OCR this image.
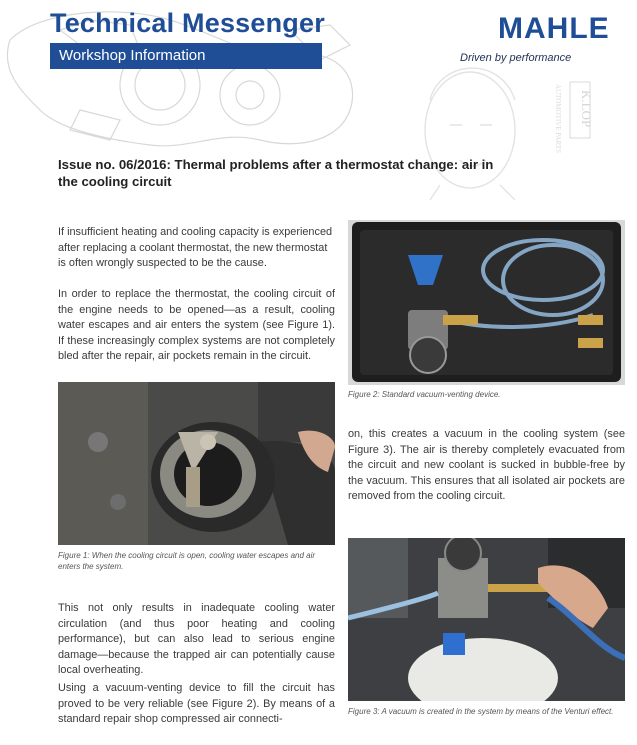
Technical Messenger
Workshop Information
MAHLE
Driven by performance
K.LOP
AUTOMOTIVE PARTS
Issue no. 06/2016: Thermal problems after a thermostat change: air in the cooling circuit
If insufficient heating and cooling capacity is experienced after replacing a coolant thermostat, the new thermostat is often wrongly suspected to be the cause.
In order to replace the thermostat, the cooling circuit of the engine needs to be opened—as a result, cooling water escapes and air enters the system (see Figure 1). If these increasingly complex systems are not completely bled after the repair, air pockets remain in the circuit.
Figure 1: When the cooling circuit is open, cooling water escapes and air enters the system.
Figure 2: Standard vacuum-venting device.
on, this creates a vacuum in the cooling system (see Figure 3). The air is thereby completely evacuated from the circuit and new coolant is sucked in bubble-free by the vacuum. This ensures that all isolated air pockets are removed from the cooling circuit.
Figure 3: A vacuum is created in the system by means of the Venturi effect.
This not only results in inadequate cooling water circulation (and thus poor heating and cooling performance), but can also lead to serious engine damage—because the trapped air can potentially cause local overheating.
Using a vacuum-venting device to fill the circuit has proved to be very reliable (see Figure 2). By means of a standard repair shop compressed air connecti-
